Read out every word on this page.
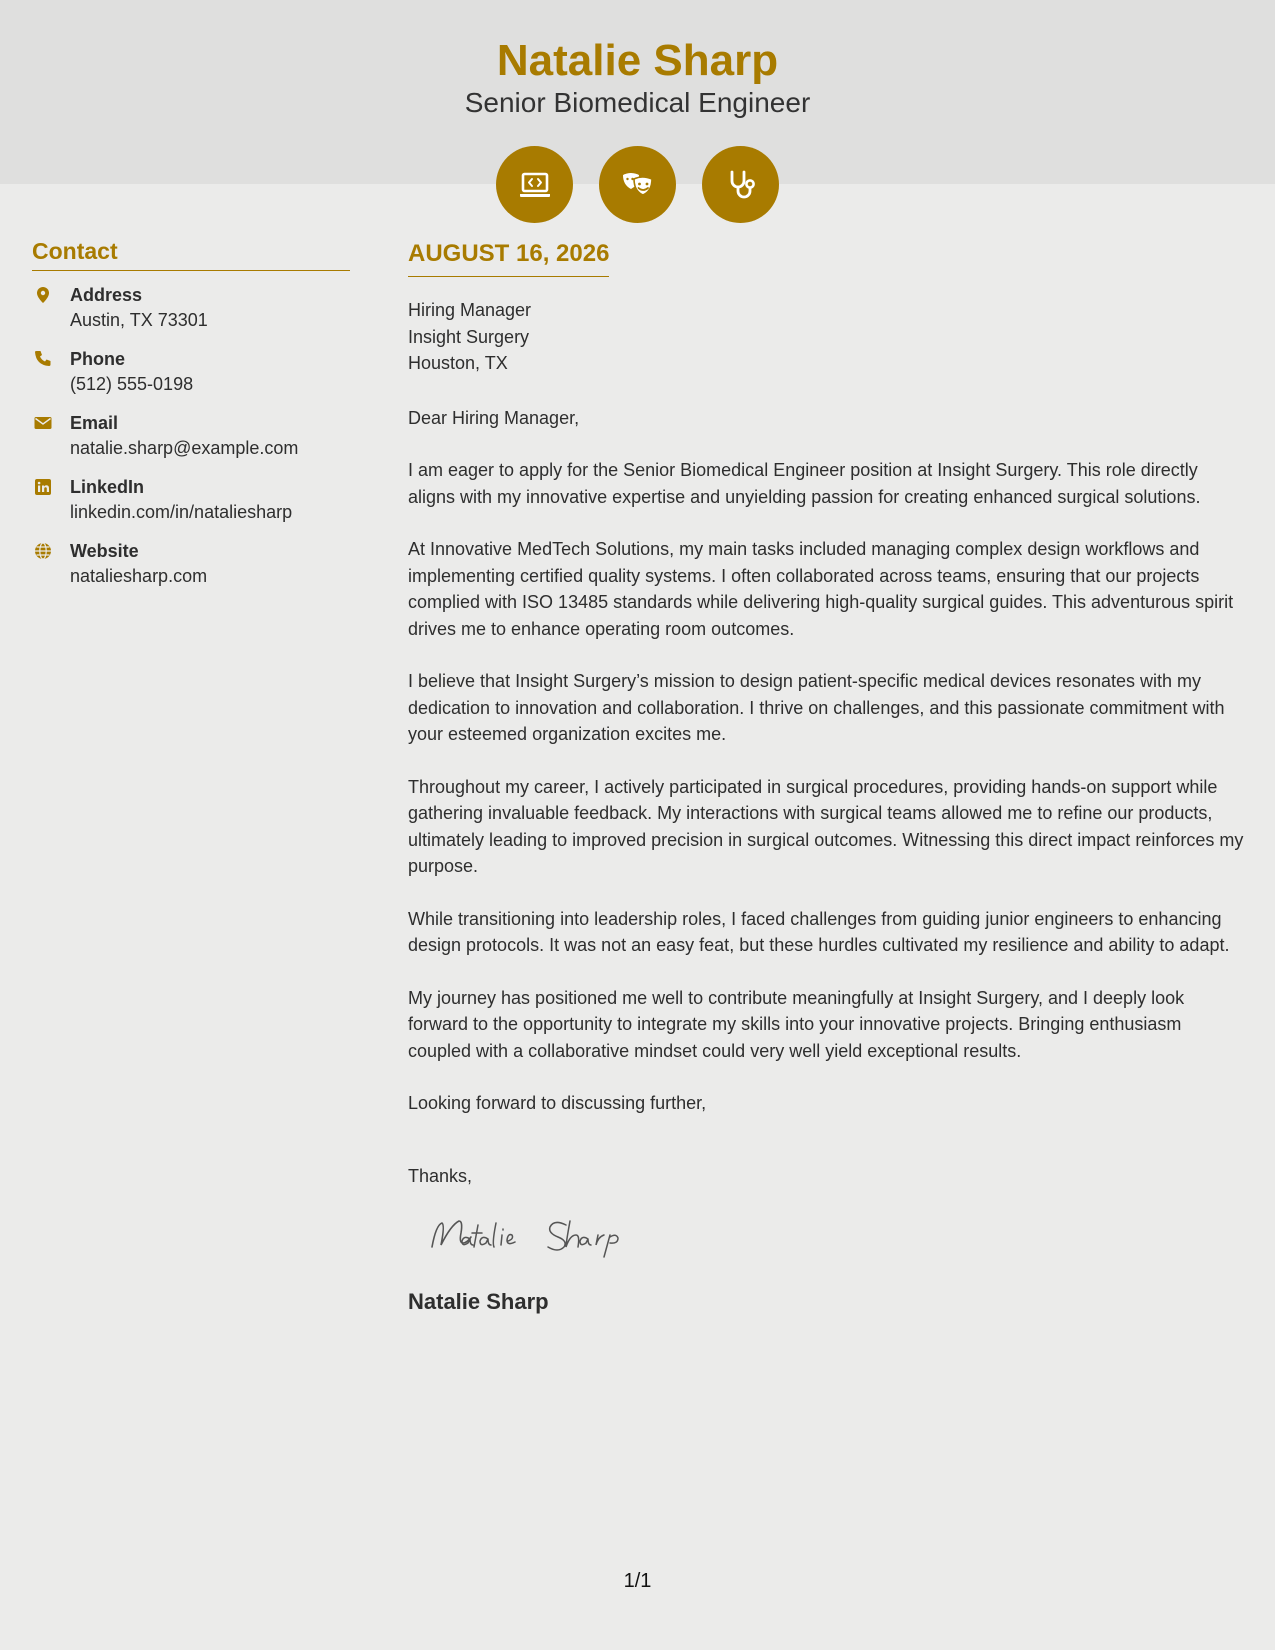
Natalie Sharp
Senior Biomedical Engineer
Contact
Address
Austin, TX 73301
Phone
(512) 555-0198
Email
natalie.sharp@example.com
LinkedIn
linkedin.com/in/nataliesharp
Website
nataliesharp.com
AUGUST 16, 2026
Hiring Manager
Insight Surgery
Houston, TX
Dear Hiring Manager,

I am eager to apply for the Senior Biomedical Engineer position at Insight Surgery. This role directly aligns with my innovative expertise and unyielding passion for creating enhanced surgical solutions.

At Innovative MedTech Solutions, my main tasks included managing complex design workflows and implementing certified quality systems. I often collaborated across teams, ensuring that our projects complied with ISO 13485 standards while delivering high-quality surgical guides. This adventurous spirit drives me to enhance operating room outcomes.

I believe that Insight Surgery’s mission to design patient-specific medical devices resonates with my dedication to innovation and collaboration. I thrive on challenges, and this passionate commitment with your esteemed organization excites me.

Throughout my career, I actively participated in surgical procedures, providing hands-on support while gathering invaluable feedback. My interactions with surgical teams allowed me to refine our products, ultimately leading to improved precision in surgical outcomes. Witnessing this direct impact reinforces my purpose.

While transitioning into leadership roles, I faced challenges from guiding junior engineers to enhancing design protocols. It was not an easy feat, but these hurdles cultivated my resilience and ability to adapt.

My journey has positioned me well to contribute meaningfully at Insight Surgery, and I deeply look forward to the opportunity to integrate my skills into your innovative projects. Bringing enthusiasm coupled with a collaborative mindset could very well yield exceptional results.

Looking forward to discussing further,
Thanks,
Natalie Sharp
1/1
